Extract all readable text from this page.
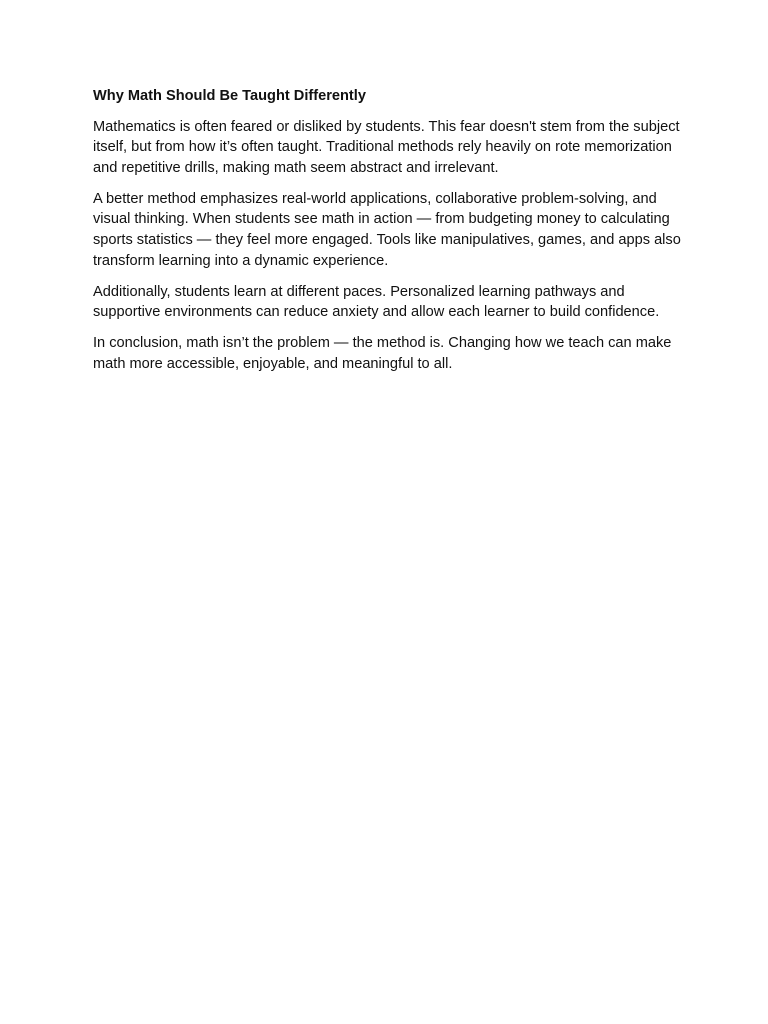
Why Math Should Be Taught Differently

Mathematics is often feared or disliked by students. This fear doesn't stem from the subject itself, but from how it’s often taught. Traditional methods rely heavily on rote memorization and repetitive drills, making math seem abstract and irrelevant.

A better method emphasizes real-world applications, collaborative problem-solving, and visual thinking. When students see math in action — from budgeting money to calculating sports statistics — they feel more engaged. Tools like manipulatives, games, and apps also transform learning into a dynamic experience.

Additionally, students learn at different paces. Personalized learning pathways and supportive environments can reduce anxiety and allow each learner to build confidence.

In conclusion, math isn’t the problem — the method is. Changing how we teach can make math more accessible, enjoyable, and meaningful to all.
